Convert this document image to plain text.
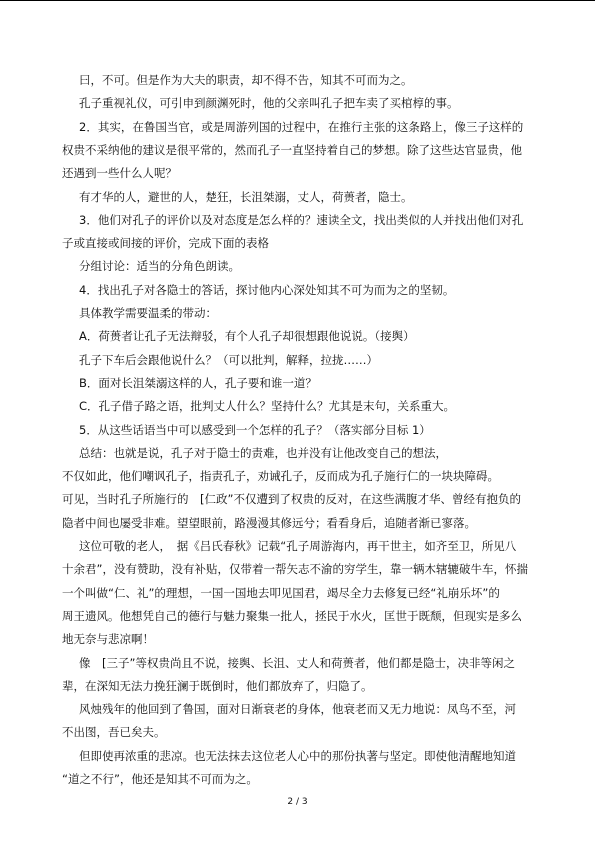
曰，不可。但是作为大夫的职责，却不得不告，知其不可而为之。
孔子重视礼仪，可引申到颜渊死时，他的父亲叫孔子把车卖了买棺椁的事。
2．其实，在鲁国当官，或是周游列国的过程中，在推行主张的这条路上，像三子这样的
权贵不采纳他的建议是很平常的，然而孔子一直坚持着自己的梦想。除了这些达官显贵，他
还遇到一些什么人呢？
有才华的人，避世的人，楚狂，长沮桀溺，丈人，荷蒉者，隐士。
3．他们对孔子的评价以及对态度是怎么样的？速读全文，找出类似的人并找出他们对孔
子或直接或间接的评价，完成下面的表格
分组讨论：适当的分角色朗读。
4．找出孔子对各隐士的答话，探讨他内心深处知其不可为而为之的坚韧。
具体教学需要温柔的带动：
A．荷蒉者让孔子无法辩驳，有个人孔子却很想跟他说说。（接舆）
孔子下车后会跟他说什么？（可以批判，解释，拉拢……）
B．面对长沮桀溺这样的人，孔子要和谁一道？
C．孔子借子路之语，批判丈人什么？坚持什么？尤其是末句，关系重大。
5．从这些话语当中可以感受到一个怎样的孔子？（落实部分目标 1）
总结：也就是说，孔子对于隐士的责难，也并没有让他改变自己的想法，
不仅如此，他们嘲讽孔子，指责孔子，劝诫孔子，反而成为孔子施行仁的一块块障碍。
可见，当时孔子所施行的　[仁政”不仅遭到了权贵的反对，在这些满腹才华、曾经有抱负的
隐者中间也屡受非难。望望眼前，路漫漫其修远兮；看看身后，追随者渐已寥落。
这位可敬的老人，　据《吕氏春秋》记载“孔子周游海内，再干世主，如齐至卫，所见八
十余君”，没有赞助，没有补贴，仅带着一帮矢志不渝的穷学生，靠一辆木辖辘破牛车，怀揣
一个叫做“仁、礼”的理想，一国一国地去叩见国君，竭尽全力去修复已经“礼崩乐坏”的
周王遗风。他想凭自己的德行与魅力聚集一批人，拯民于水火，匡世于既颓，但现实是多么
地无奈与悲凉啊！
像　[三子”等权贵尚且不说，接舆、长沮、丈人和荷蒉者，他们都是隐士，决非等闲之
辈，在深知无法力挽狂澜于既倒时，他们都放弃了，归隐了。
风烛残年的他回到了鲁国，面对日渐衰老的身体，他衰老而又无力地说：凤鸟不至，河
不出图，吾已矣夫。
但即使再浓重的悲凉。也无法抹去这位老人心中的那份执著与坚定。即使他清醒地知道
“道之不行”，他还是知其不可而为之。
2 / 3
